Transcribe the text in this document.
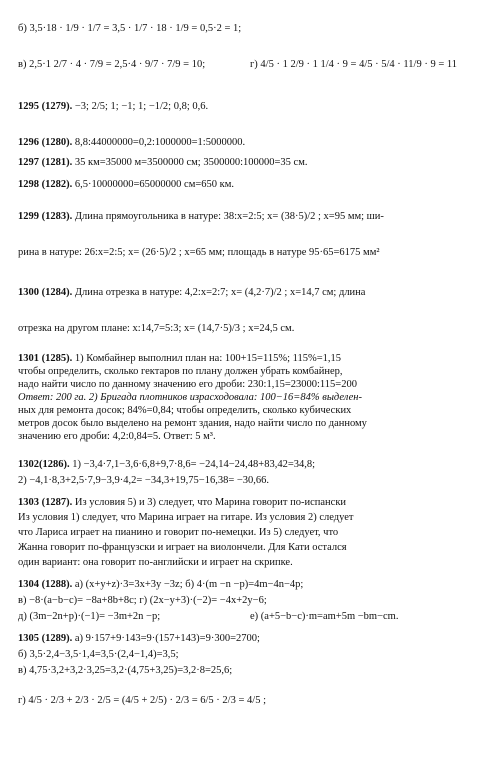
б) 3,5·18 · 1/9 · 1/7 = 3,5 · 1/7 · 18 · 1/9 = 0,5·2 = 1;
в) 2,5·1 2/7 · 4 · 7/9 = 2,5·4 · 9/7 · 7/9 = 10;	г) 4/5 · 1 2/9 · 1 1/4 · 9 = 4/5 · 5/4 · 11/9 · 9 = 11
1295 (1279). −3; 2/5; 1; −1; 1; −1/2; 0,8; 0,6.
1296 (1280). 8,8:44000000=0,2:1000000=1:5000000.
1297 (1281). 35 км=35000 м=3500000 см; 3500000:100000=35 см.
1298 (1282). 6,5·10000000=65000000 см=650 км.
1299 (1283). Длина прямоугольника в натуре: 38:x=2:5; x= (38·5)/2 ; x=95 мм; ши-
рина в натуре: 26:x=2:5; x= (26·5)/2 ; x=65 мм; площадь в натуре 95·65=6175 мм²
1300 (1284). Длина отрезка в натуре: 4,2:x=2:7; x= (4,2·7)/2 ; x=14,7 см; длина
отрезка на другом плане: x:14,7=5:3; x= (14,7·5)/3 ; x=24,5 см.
1301 (1285). 1) Комбайнер выполнил план на: 100+15=115%; 115%=1,15
чтобы определить, сколько гектаров по плану должен убрать комбайнер,
надо найти число по данному значению его дроби: 230:1,15=23000:115=200
Ответ: 200 га. 2) Бригада плотников израсходовала: 100−16=84% выделен-
ных для ремонта досок; 84%=0,84; чтобы определить, сколько кубических
метров досок было выделено на ремонт здания, надо найти число по данному
значению его дроби: 4,2:0,84=5. Ответ: 5 м³.
1302(1286). 1) −3,4·7,1−3,6·6,8+9,7·8,6= −24,14−24,48+83,42=34,8;
2) −4,1·8,3+2,5·7,9−3,9·4,2= −34,3+19,75−16,38= −30,66.
1303 (1287). Из условия 5) и 3) следует, что Марина говорит по-испански
Из условия 1) следует, что Марина играет на гитаре. Из условия 2) следует
что Лариса играет на пианино и говорит по-немецки. Из 5) следует, что
Жанна говорит по-французски и играет на виолончели. Для Кати остался
один вариант: она говорит по-английски и играет на скрипке.
1304 (1288). а) (x+y+z)·3=3x+3y −3z; б) 4·(m −n −p)=4m−4n−4p;
в) −8·(a−b−c)= −8a+8b+8c; г) (2x−y+3)·(−2)= −4x+2y−6;
д) (3m−2n+p)·(−1)= −3m+2n −p;	е) (a+5−b−c)·m=am+5m −bm−cm.
1305 (1289). а) 9·157+9·143=9·(157+143)=9·300=2700;
б) 3,5·2,4−3,5·1,4=3,5·(2,4−1,4)=3,5;
в) 4,75·3,2+3,2·3,25=3,2·(4,75+3,25)=3,2·8=25,6;
г) 4/5 · 2/3 + 2/3 · 2/5 = (4/5 + 2/5) · 2/3 = 6/5 · 2/3 = 4/5 ;
